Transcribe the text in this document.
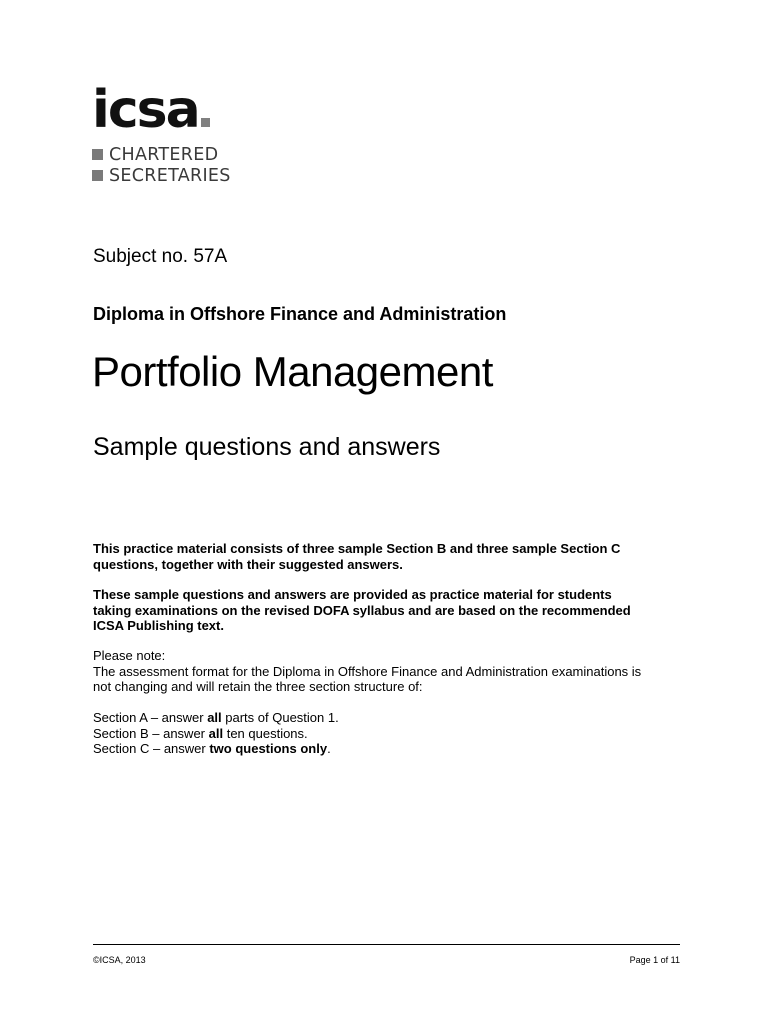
icsa
CHARTERED
SECRETARIES
Subject no. 57A
Diploma in Offshore Finance and Administration
Portfolio Management
Sample questions and answers
This practice material consists of three sample Section B and three sample Section C questions, together with their suggested answers.
These sample questions and answers are provided as practice material for students taking examinations on the revised DOFA syllabus and are based on the recommended ICSA Publishing text.
Please note:
The assessment format for the Diploma in Offshore Finance and Administration examinations is not changing and will retain the three section structure of:
Section A – answer all parts of Question 1.
Section B – answer all ten questions.
Section C – answer two questions only.
©ICSA, 2013	Page 1 of 11
